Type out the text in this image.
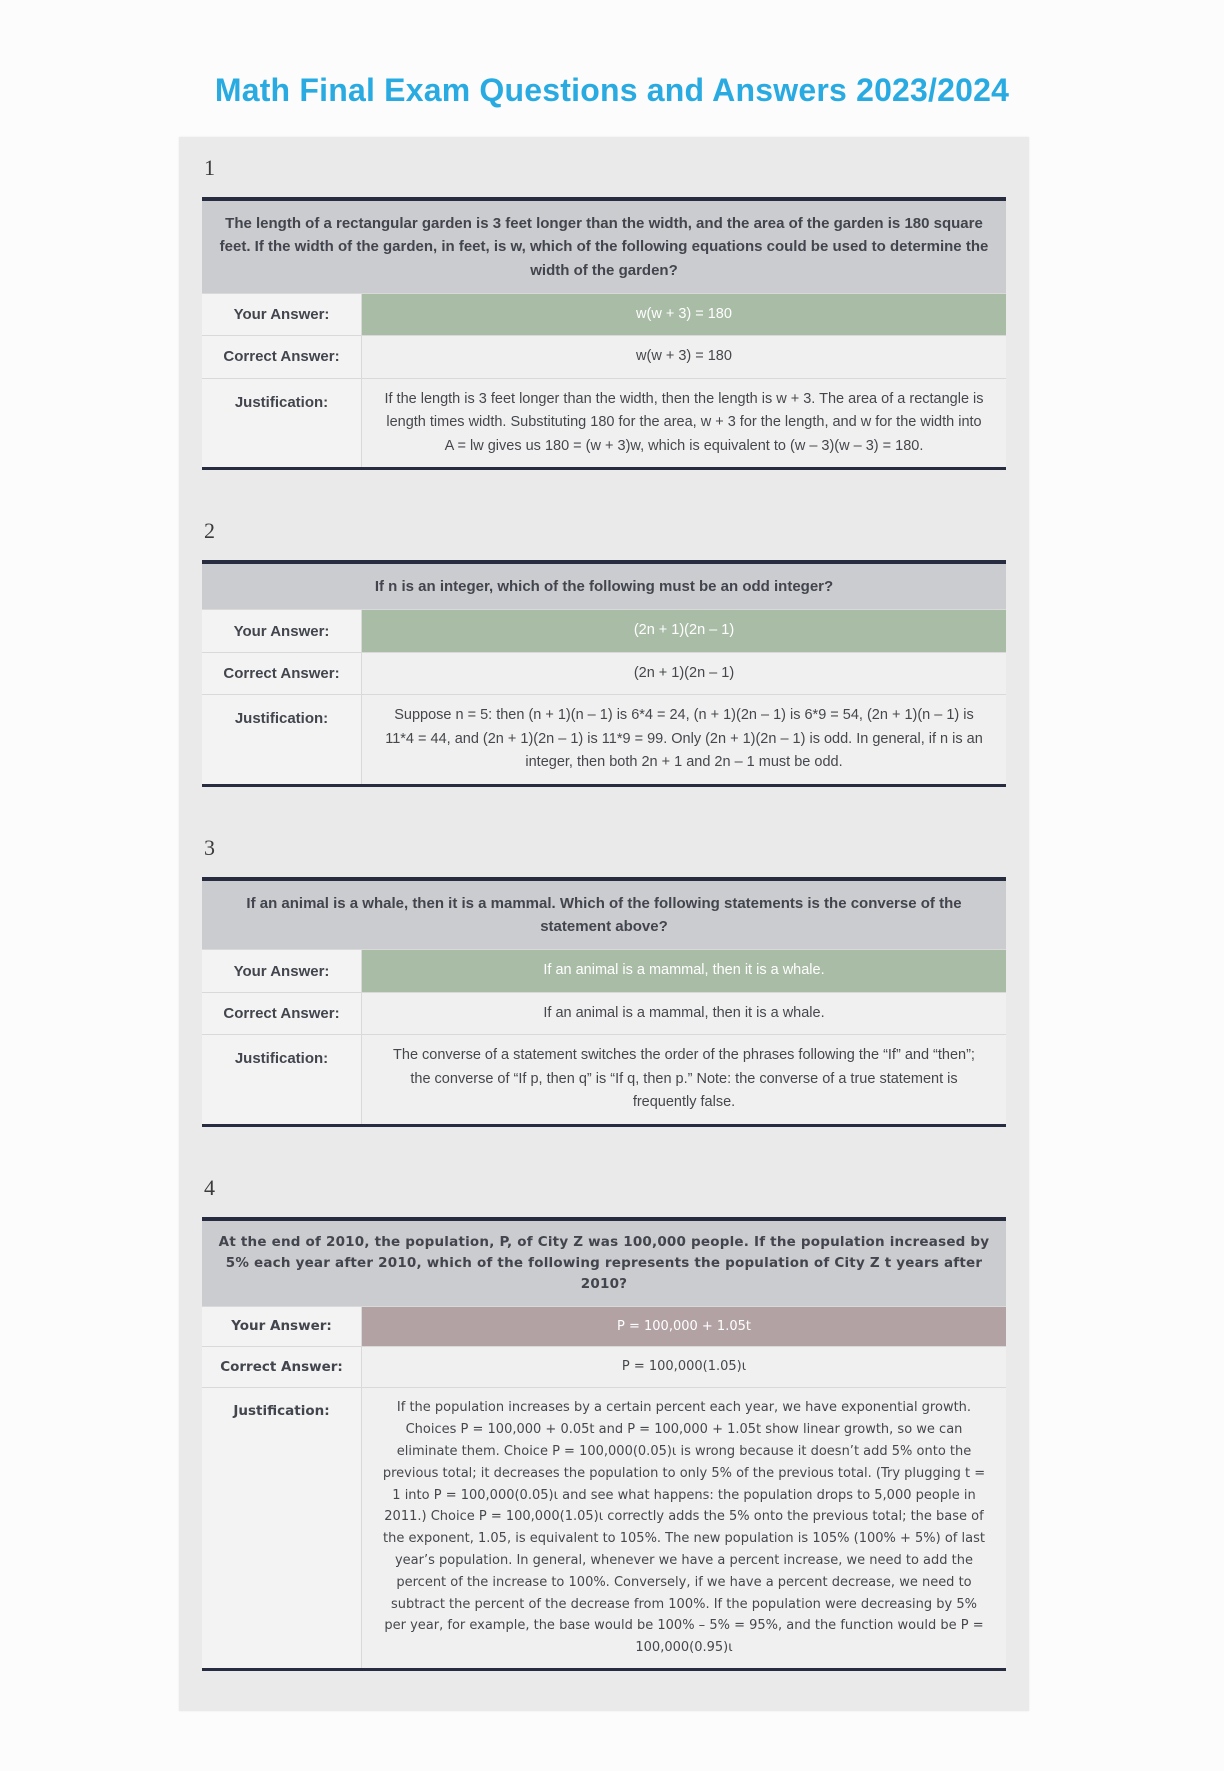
Math Final Exam Questions and Answers 2023/2024
1
The length of a rectangular garden is 3 feet longer than the width, and the area of the garden is 180 square feet. If the width of the garden, in feet, is w, which of the following equations could be used to determine the width of the garden?
Your Answer:	w(w + 3) = 180
Correct Answer:	w(w + 3) = 180
Justification:	If the length is 3 feet longer than the width, then the length is w + 3. The area of a rectangle is length times width. Substituting 180 for the area, w + 3 for the length, and w for the width into A = lw gives us 180 = (w + 3)w, which is equivalent to (w – 3)(w – 3) = 180.
2
If n is an integer, which of the following must be an odd integer?
Your Answer:	(2n + 1)(2n – 1)
Correct Answer:	(2n + 1)(2n – 1)
Justification:	Suppose n = 5: then (n + 1)(n – 1) is 6*4 = 24, (n + 1)(2n – 1) is 6*9 = 54, (2n + 1)(n – 1) is 11*4 = 44, and (2n + 1)(2n – 1) is 11*9 = 99. Only (2n + 1)(2n – 1) is odd. In general, if n is an integer, then both 2n + 1 and 2n – 1 must be odd.
3
If an animal is a whale, then it is a mammal. Which of the following statements is the converse of the statement above?
Your Answer:	If an animal is a mammal, then it is a whale.
Correct Answer:	If an animal is a mammal, then it is a whale.
Justification:	The converse of a statement switches the order of the phrases following the “If” and “then”; the converse of “If p, then q” is “If q, then p.” Note: the converse of a true statement is frequently false.
4
At the end of 2010, the population, P, of City Z was 100,000 people. If the population increased by 5% each year after 2010, which of the following represents the population of City Z t years after 2010?
Your Answer:	P = 100,000 + 1.05t
Correct Answer:	P = 100,000(1.05)ι
Justification:	If the population increases by a certain percent each year, we have exponential growth. Choices P = 100,000 + 0.05t and P = 100,000 + 1.05t show linear growth, so we can eliminate them. Choice P = 100,000(0.05)ι is wrong because it doesn’t add 5% onto the previous total; it decreases the population to only 5% of the previous total. (Try plugging t = 1 into P = 100,000(0.05)ι and see what happens: the population drops to 5,000 people in 2011.) Choice P = 100,000(1.05)ι correctly adds the 5% onto the previous total; the base of the exponent, 1.05, is equivalent to 105%. The new population is 105% (100% + 5%) of last year’s population. In general, whenever we have a percent increase, we need to add the percent of the increase to 100%. Conversely, if we have a percent decrease, we need to subtract the percent of the decrease from 100%. If the population were decreasing by 5% per year, for example, the base would be 100% – 5% = 95%, and the function would be P = 100,000(0.95)ι
